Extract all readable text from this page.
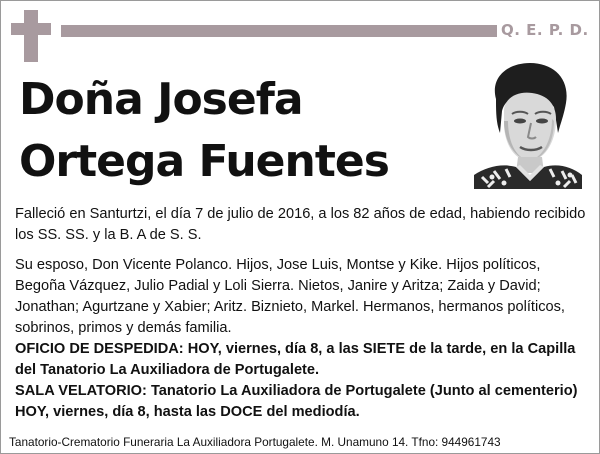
Q. E. P. D.
Doña Josefa
Ortega Fuentes

Falleció en Santurtzi, el día 7 de julio de 2016, a los 82 años de edad, habiendo recibido los SS. SS. y la B. A de S. S.

Su esposo, Don Vicente Polanco. Hijos, Jose Luis, Montse y Kike. Hijos políticos, Begoña Vázquez, Julio Padial y Loli Sierra. Nietos, Janire y Aritza; Zaida y David; Jonathan; Agurtzane y Xabier; Aritz. Biznieto, Markel. Hermanos, hermanos políticos, sobrinos, primos y demás familia.

OFICIO DE DESPEDIDA: HOY, viernes, día 8, a las SIETE de la tarde, en la Capilla del Tanatorio La Auxiliadora de Portugalete.

SALA VELATORIO: Tanatorio La Auxiliadora de Portugalete (Junto al cementerio) HOY, viernes, día 8, hasta las DOCE del mediodía.

Tanatorio-Crematorio Funeraria La Auxiliadora Portugalete. M. Unamuno 14. Tfno: 944961743
